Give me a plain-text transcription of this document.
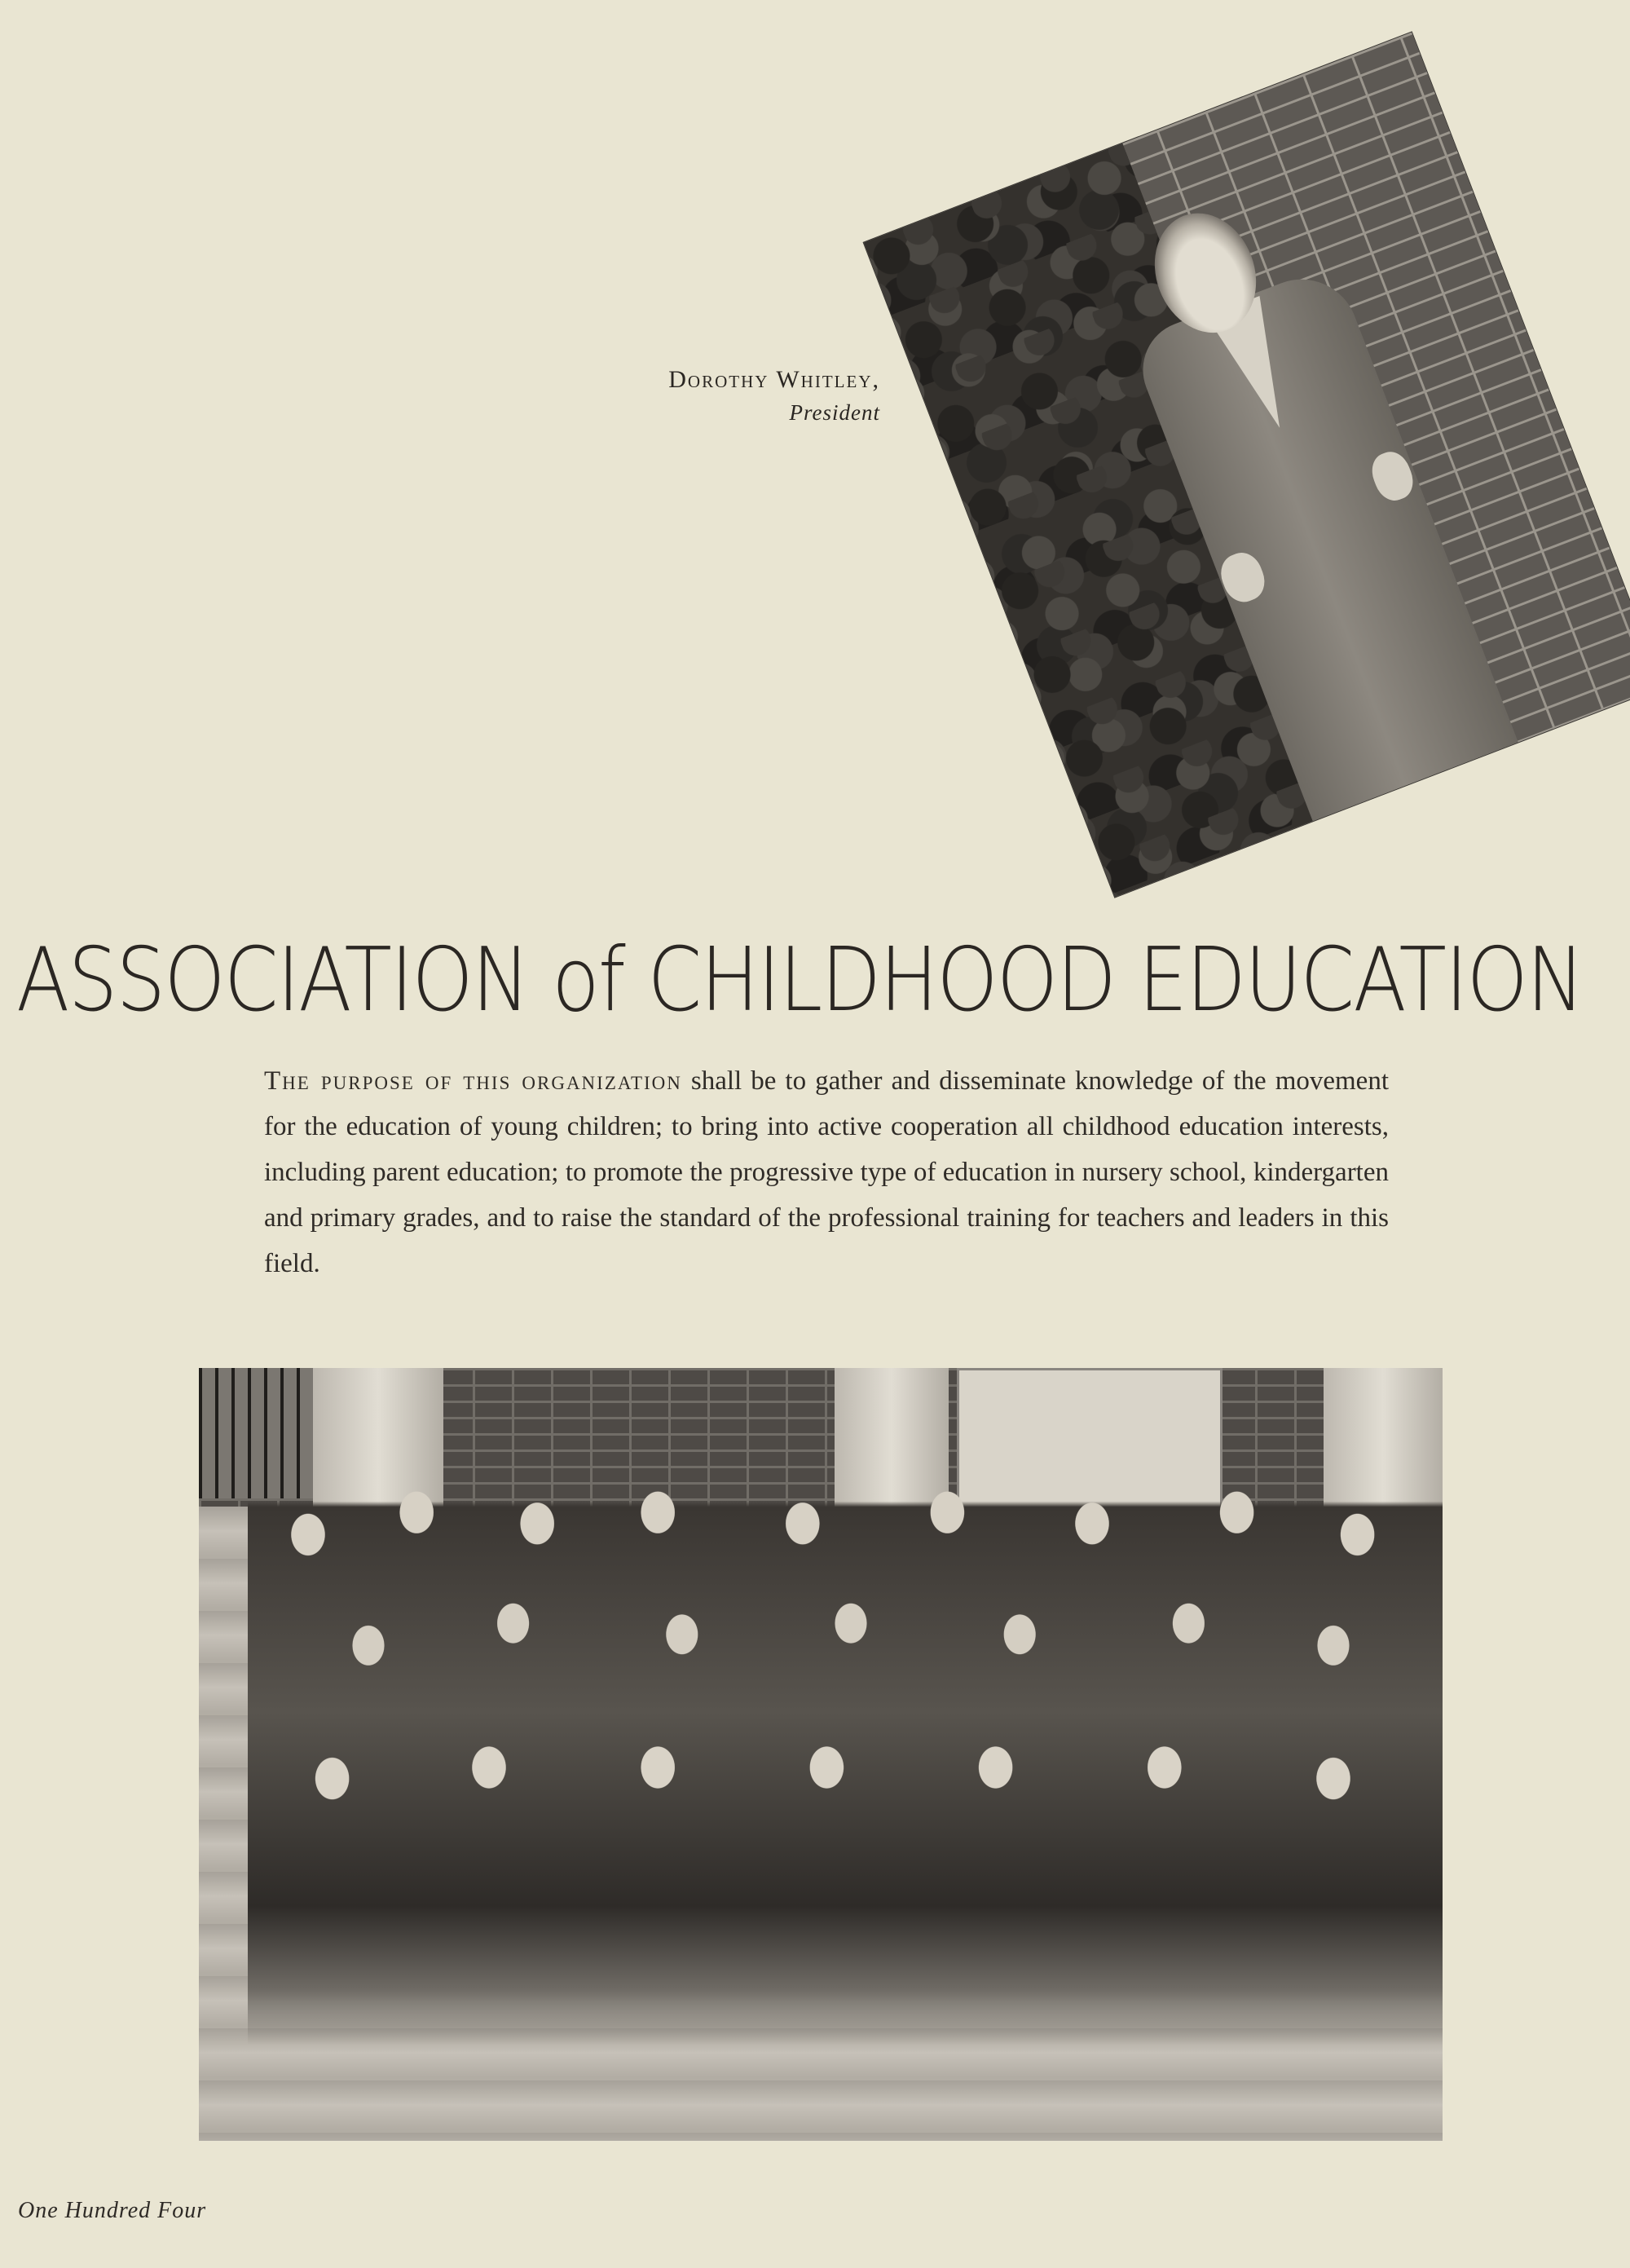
Dorothy Whitley,
President
ASSOCIATION of CHILDHOOD EDUCATION

The purpose of this organization shall be to gather and disseminate knowledge of the movement for the education of young children; to bring into active cooperation all childhood education interests, including parent education; to promote the progressive type of education in nursery school, kindergarten and primary grades, and to raise the standard of the professional training for teachers and leaders in this field.

One Hundred Four
